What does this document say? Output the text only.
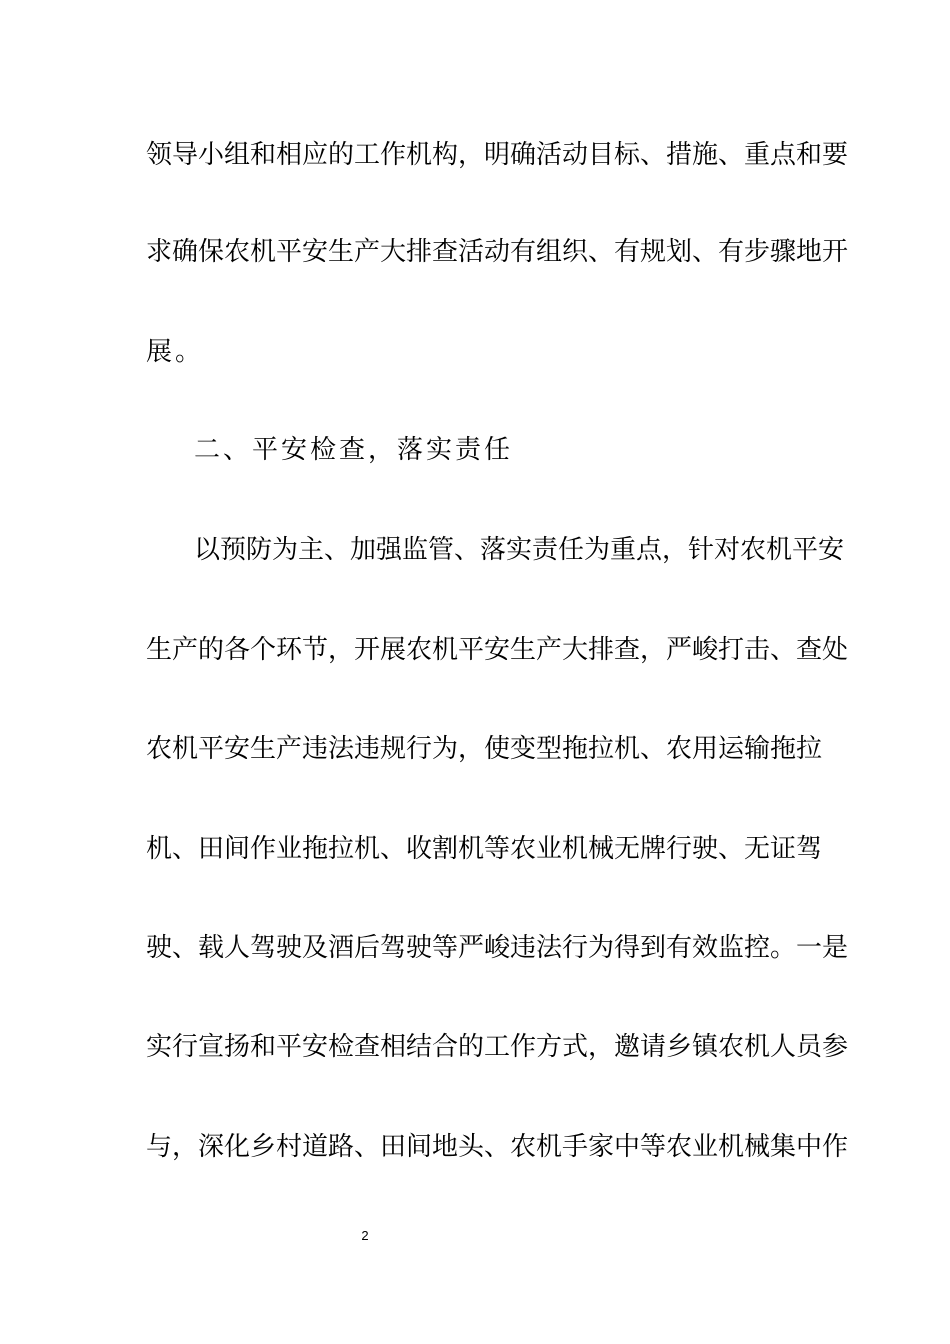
领导小组和相应的工作机构，明确活动目标、措施、重点和要

求确保农机平安生产大排查活动有组织、有规划、有步骤地开

展。

二、平安检查，落实责任

以预防为主、加强监管、落实责任为重点，针对农机平安

生产的各个环节，开展农机平安生产大排查，严峻打击、查处

农机平安生产违法违规行为，使变型拖拉机、农用运输拖拉

机、田间作业拖拉机、收割机等农业机械无牌行驶、无证驾

驶、载人驾驶及酒后驾驶等严峻违法行为得到有效监控。一是

实行宣扬和平安检查相结合的工作方式，邀请乡镇农机人员参

与，深化乡村道路、田间地头、农机手家中等农业机械集中作

2
